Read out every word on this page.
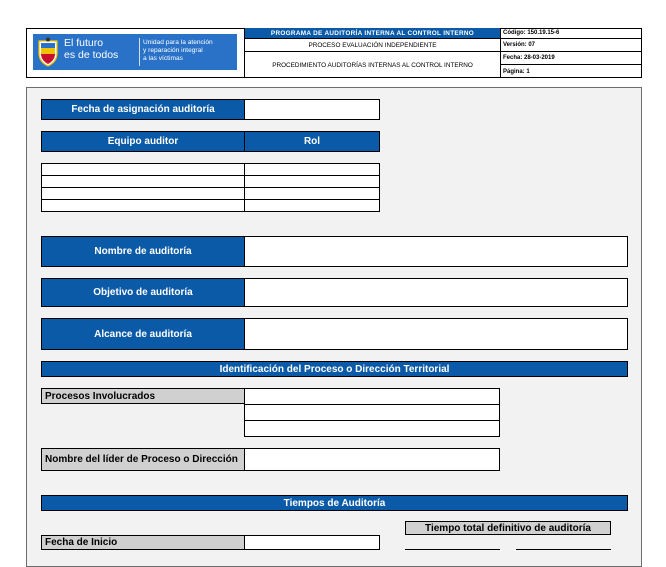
El futuro
es de todos
Unidad para la atención
y reparación integral
a las víctimas
PROGRAMA DE AUDITORÍA INTERNA AL CONTROL INTERNO
PROCESO EVALUACIÓN INDEPENDIENTE
PROCEDIMIENTO AUDITORÍAS INTERNAS AL CONTROL INTERNO
Código: 150.19.15-6
Versión: 07
Fecha: 28-03-2019
Página: 1
Fecha de asignación auditoría
Equipo auditor	Rol
Nombre de auditoría
Objetivo de auditoría
Alcance de auditoría
Identificación del Proceso o Dirección Territorial
Procesos Involucrados
Nombre del líder de Proceso o Dirección
Tiempos de Auditoría
Tiempo total definitivo de auditoría
Fecha de Inicio
